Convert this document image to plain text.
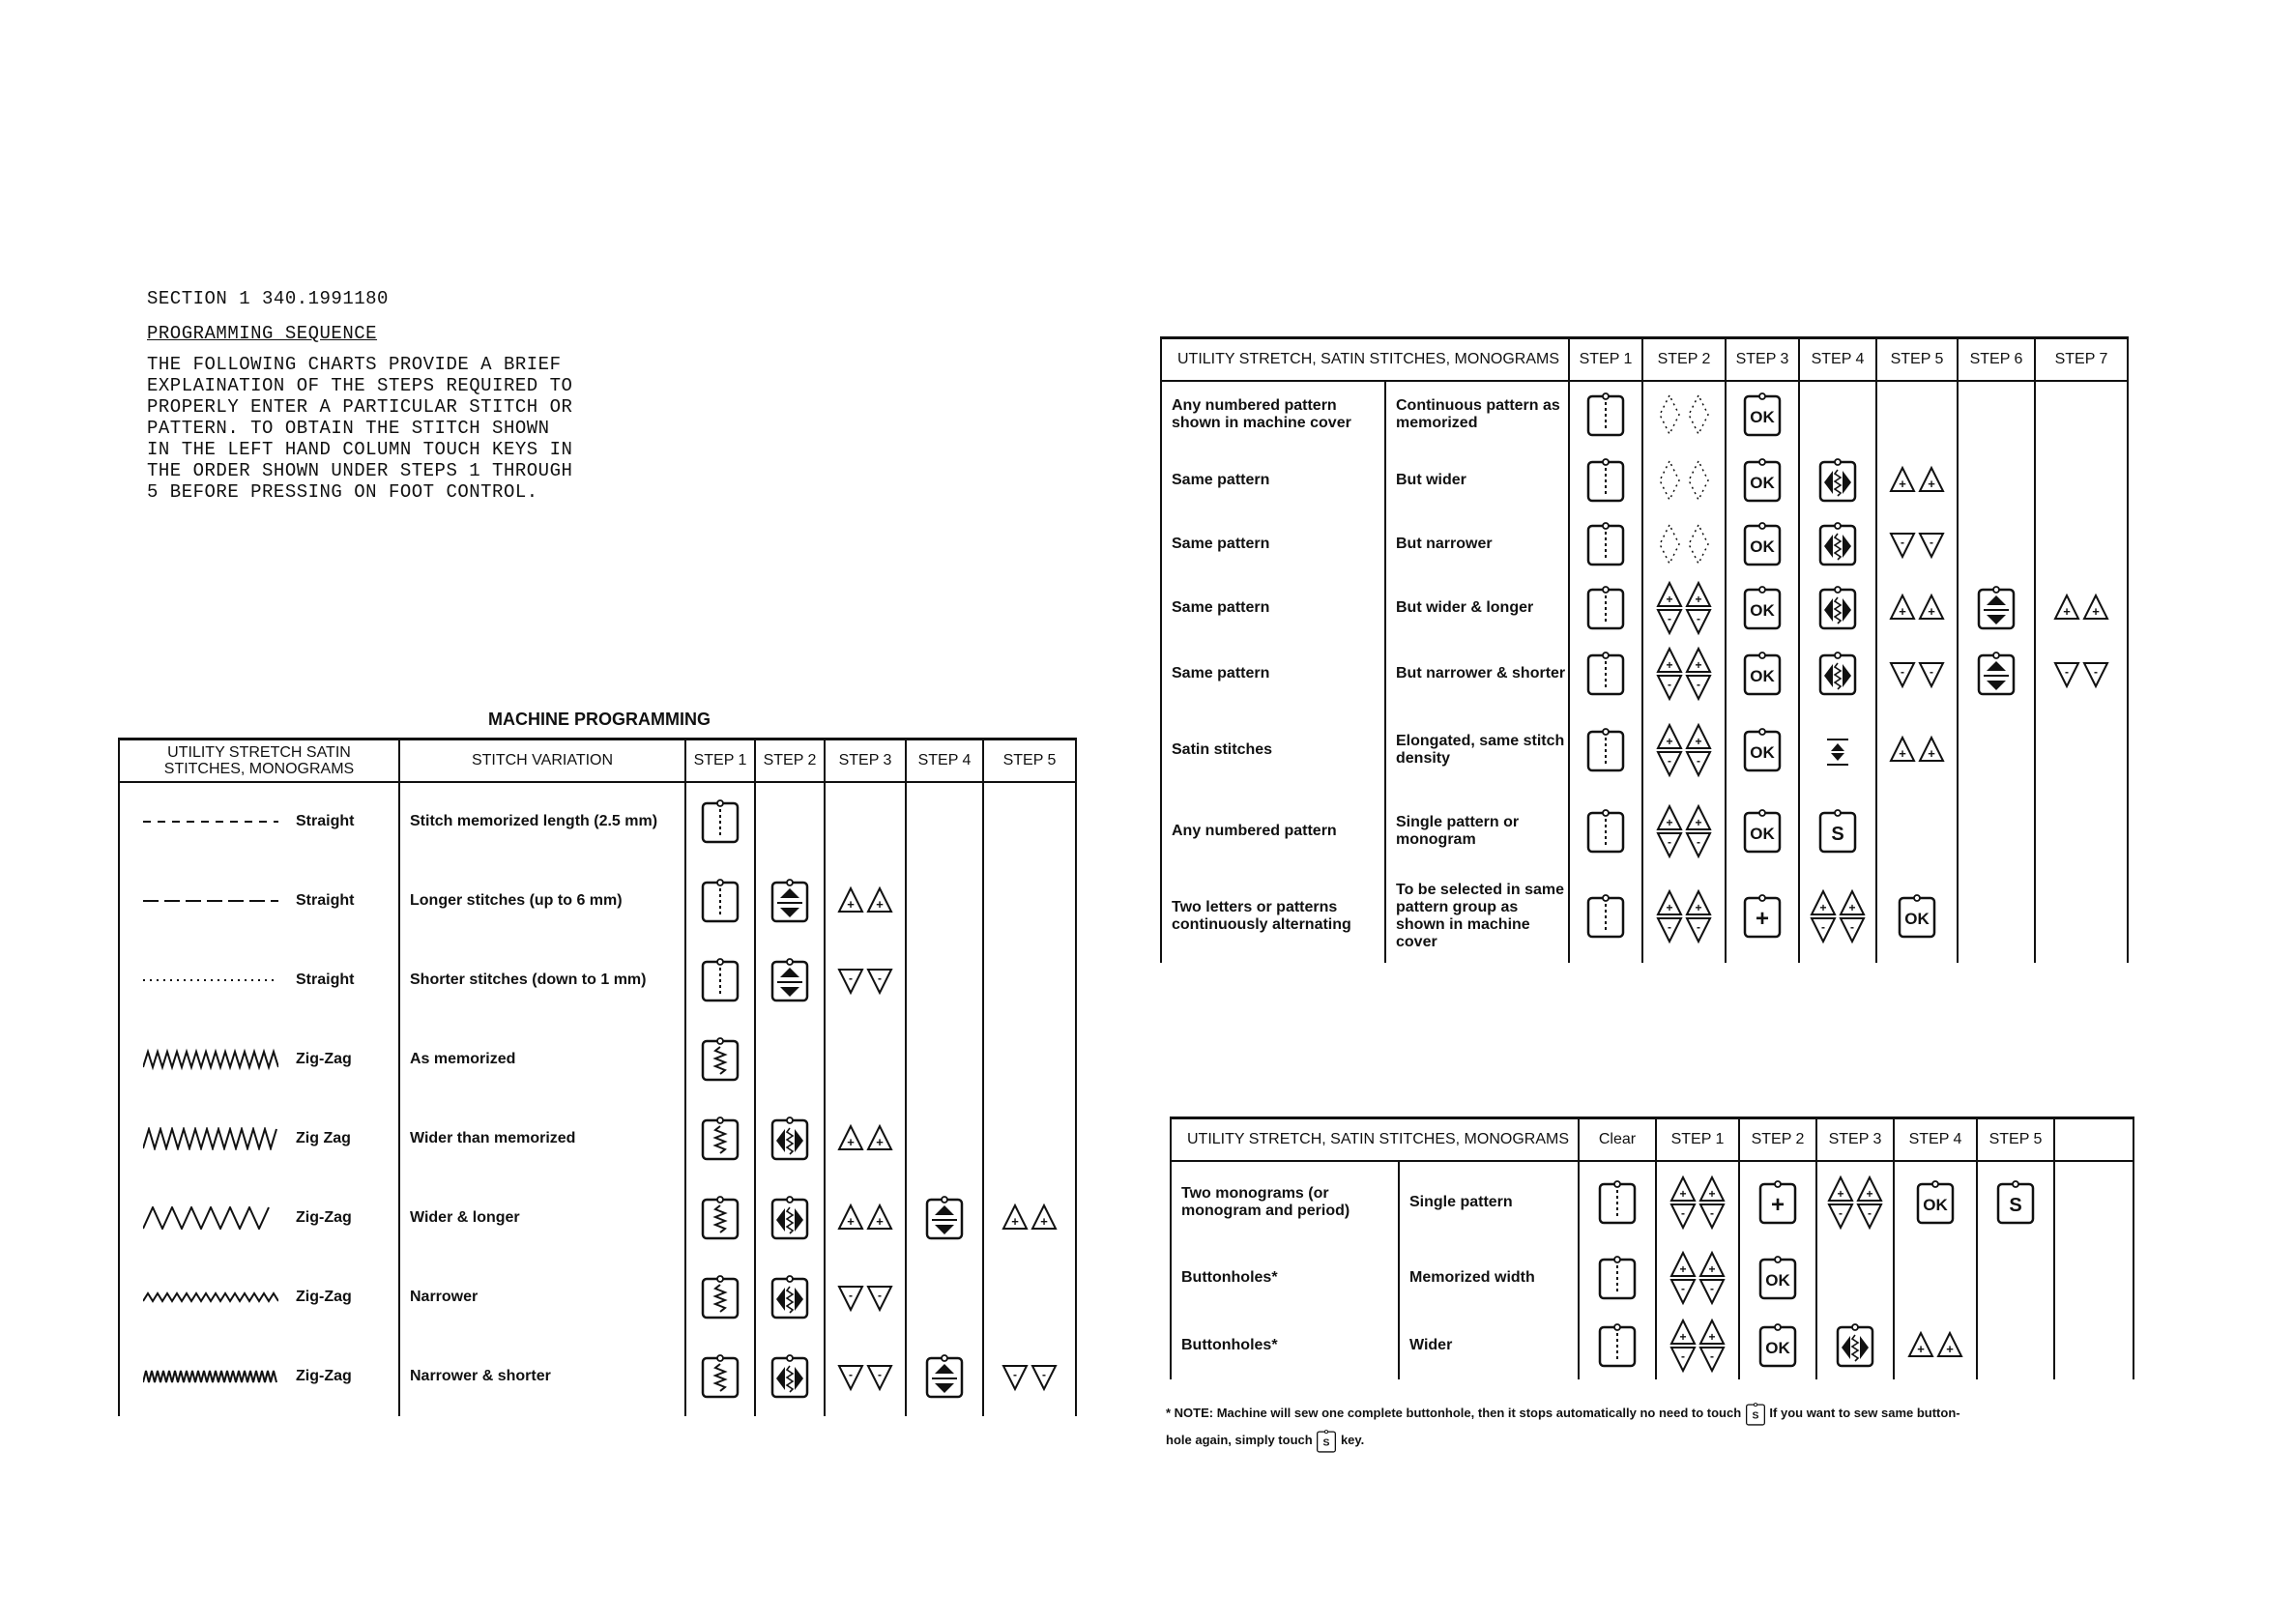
SECTION 1 340.1991180
PROGRAMMING SEQUENCE
THE FOLLOWING CHARTS PROVIDE A BRIEF
EXPLAINATION OF THE STEPS REQUIRED TO
PROPERLY ENTER A PARTICULAR STITCH OR
PATTERN. TO OBTAIN THE STITCH SHOWN
IN THE LEFT HAND COLUMN TOUCH KEYS IN
THE ORDER SHOWN UNDER STEPS 1 THROUGH
5 BEFORE PRESSING ON FOOT CONTROL.
MACHINE PROGRAMMING
UTILITY STRETCH SATIN STITCHES, MONOGRAMS	STITCH VARIATION	STEP 1	STEP 2	STEP 3	STEP 4	STEP 5

Straight	Stitch memorized length (2.5 mm)	

Straight	Longer stitches (up to 6 mm)	

Straight	Shorter stitches (down to 1 mm)	

Zig-Zag	As memorized	

Zig Zag	Wider than memorized	

Zig-Zag	Wider & longer	

Zig-Zag	Narrower	

Zig-Zag	Narrower & shorter	

UTILITY STRETCH, SATIN STITCHES, MONOGRAMS		STEP 1	STEP 2	STEP 3	STEP 4	STEP 5	STEP 6	STEP 7
Any numbered pattern shown in machine cover	Continuous pattern as memorized	

Same pattern	But wider	

Same pattern	But narrower	

Same pattern	But wider & longer	

Same pattern	But narrower & shorter	

Satin stitches	Elongated, same stitch density	

Any numbered pattern	Single pattern or monogram	

Two letters or patterns continuously alternating	To be selected in same pattern group as shown in machine cover	

UTILITY STRETCH, SATIN STITCHES, MONOGRAMS		Clear	STEP 1	STEP 2	STEP 3	STEP 4	STEP 5	
Two monograms (or monogram and period)	Single pattern	

Buttonholes*	Memorized width	

Buttonholes*	Wider	

* NOTE: Machine will sew one complete buttonhole, then it stops automatically no need to touch If you want to sew same button-
hole again, simply touch key.
